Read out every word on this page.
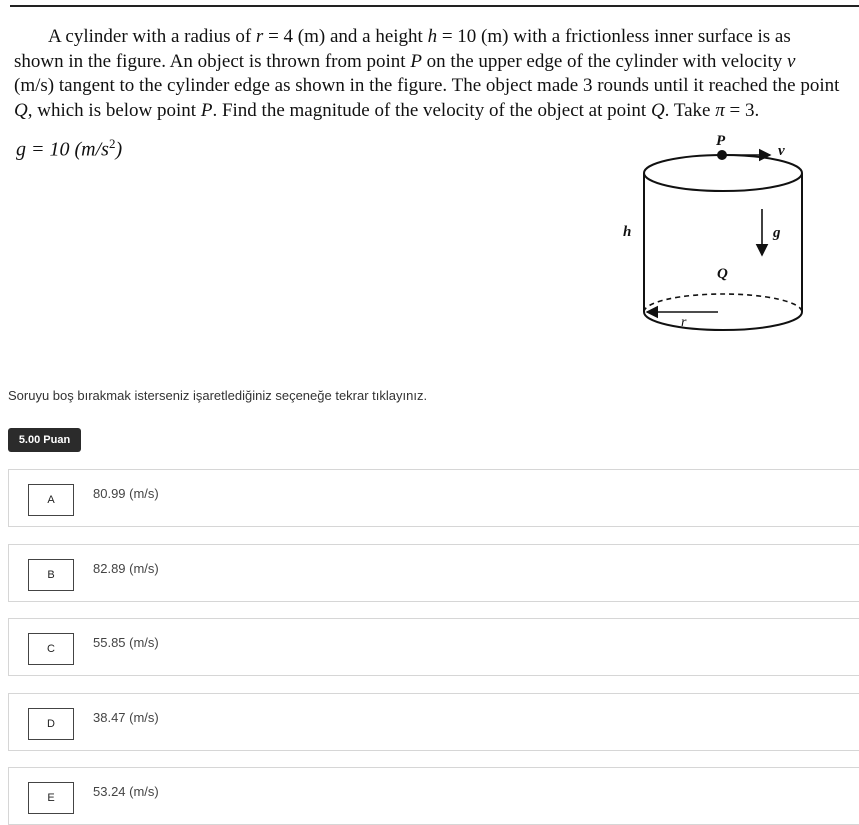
A cylinder with a radius of r = 4 (m) and a height h = 10 (m) with a frictionless inner surface is as shown in the figure. An object is thrown from point P on the upper edge of the cylinder with velocity v⃗ (m/s) tangent to the cylinder edge as shown in the figure. The object made 3 rounds until it reached the point Q, which is below point P. Find the magnitude of the velocity of the object at point Q. Take π = 3.
g = 10 $(m/s^2)$	P
v⃗
h	g⃗
Q
r
Soruyu boş bırakmak isterseniz işaretlediğiniz seçeneğe tekrar tıklayınız.
5.00 Puan
A	80.99 (m/s)
B	82.89 (m/s)
C	55.85 (m/s)
D	38.47 (m/s)
E	53.24 (m/s)
